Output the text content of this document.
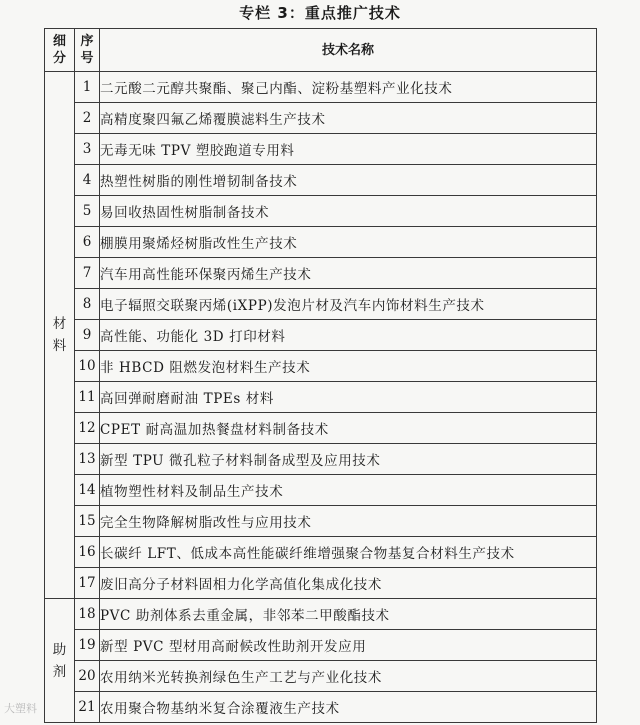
专栏 3：重点推广技术
细分	序号	技术名称
材料	1	二元酸二元醇共聚酯、聚己内酯、淀粉基塑料产业化技术
	2	高精度聚四氟乙烯覆膜滤料生产技术
	3	无毒无味 TPV 塑胶跑道专用料
	4	热塑性树脂的刚性增韧制备技术
	5	易回收热固性树脂制备技术
	6	棚膜用聚烯烃树脂改性生产技术
	7	汽车用高性能环保聚丙烯生产技术
	8	电子辐照交联聚丙烯(iXPP)发泡片材及汽车内饰材料生产技术
	9	高性能、功能化 3D 打印材料
	10	非 HBCD 阻燃发泡材料生产技术
	11	高回弹耐磨耐油 TPEs 材料
	12	CPET 耐高温加热餐盘材料制备技术
	13	新型 TPU 微孔粒子材料制备成型及应用技术
	14	植物塑性材料及制品生产技术
	15	完全生物降解树脂改性与应用技术
	16	长碳纤 LFT、低成本高性能碳纤维增强聚合物基复合材料生产技术
	17	废旧高分子材料固相力化学高值化集成化技术
助剂	18	PVC 助剂体系去重金属，非邻苯二甲酸酯技术
	19	新型 PVC 型材用高耐候改性助剂开发应用
	20	农用纳米光转换剂绿色生产工艺与产业化技术
	21	农用聚合物基纳米复合涂覆液生产技术
大塑料
